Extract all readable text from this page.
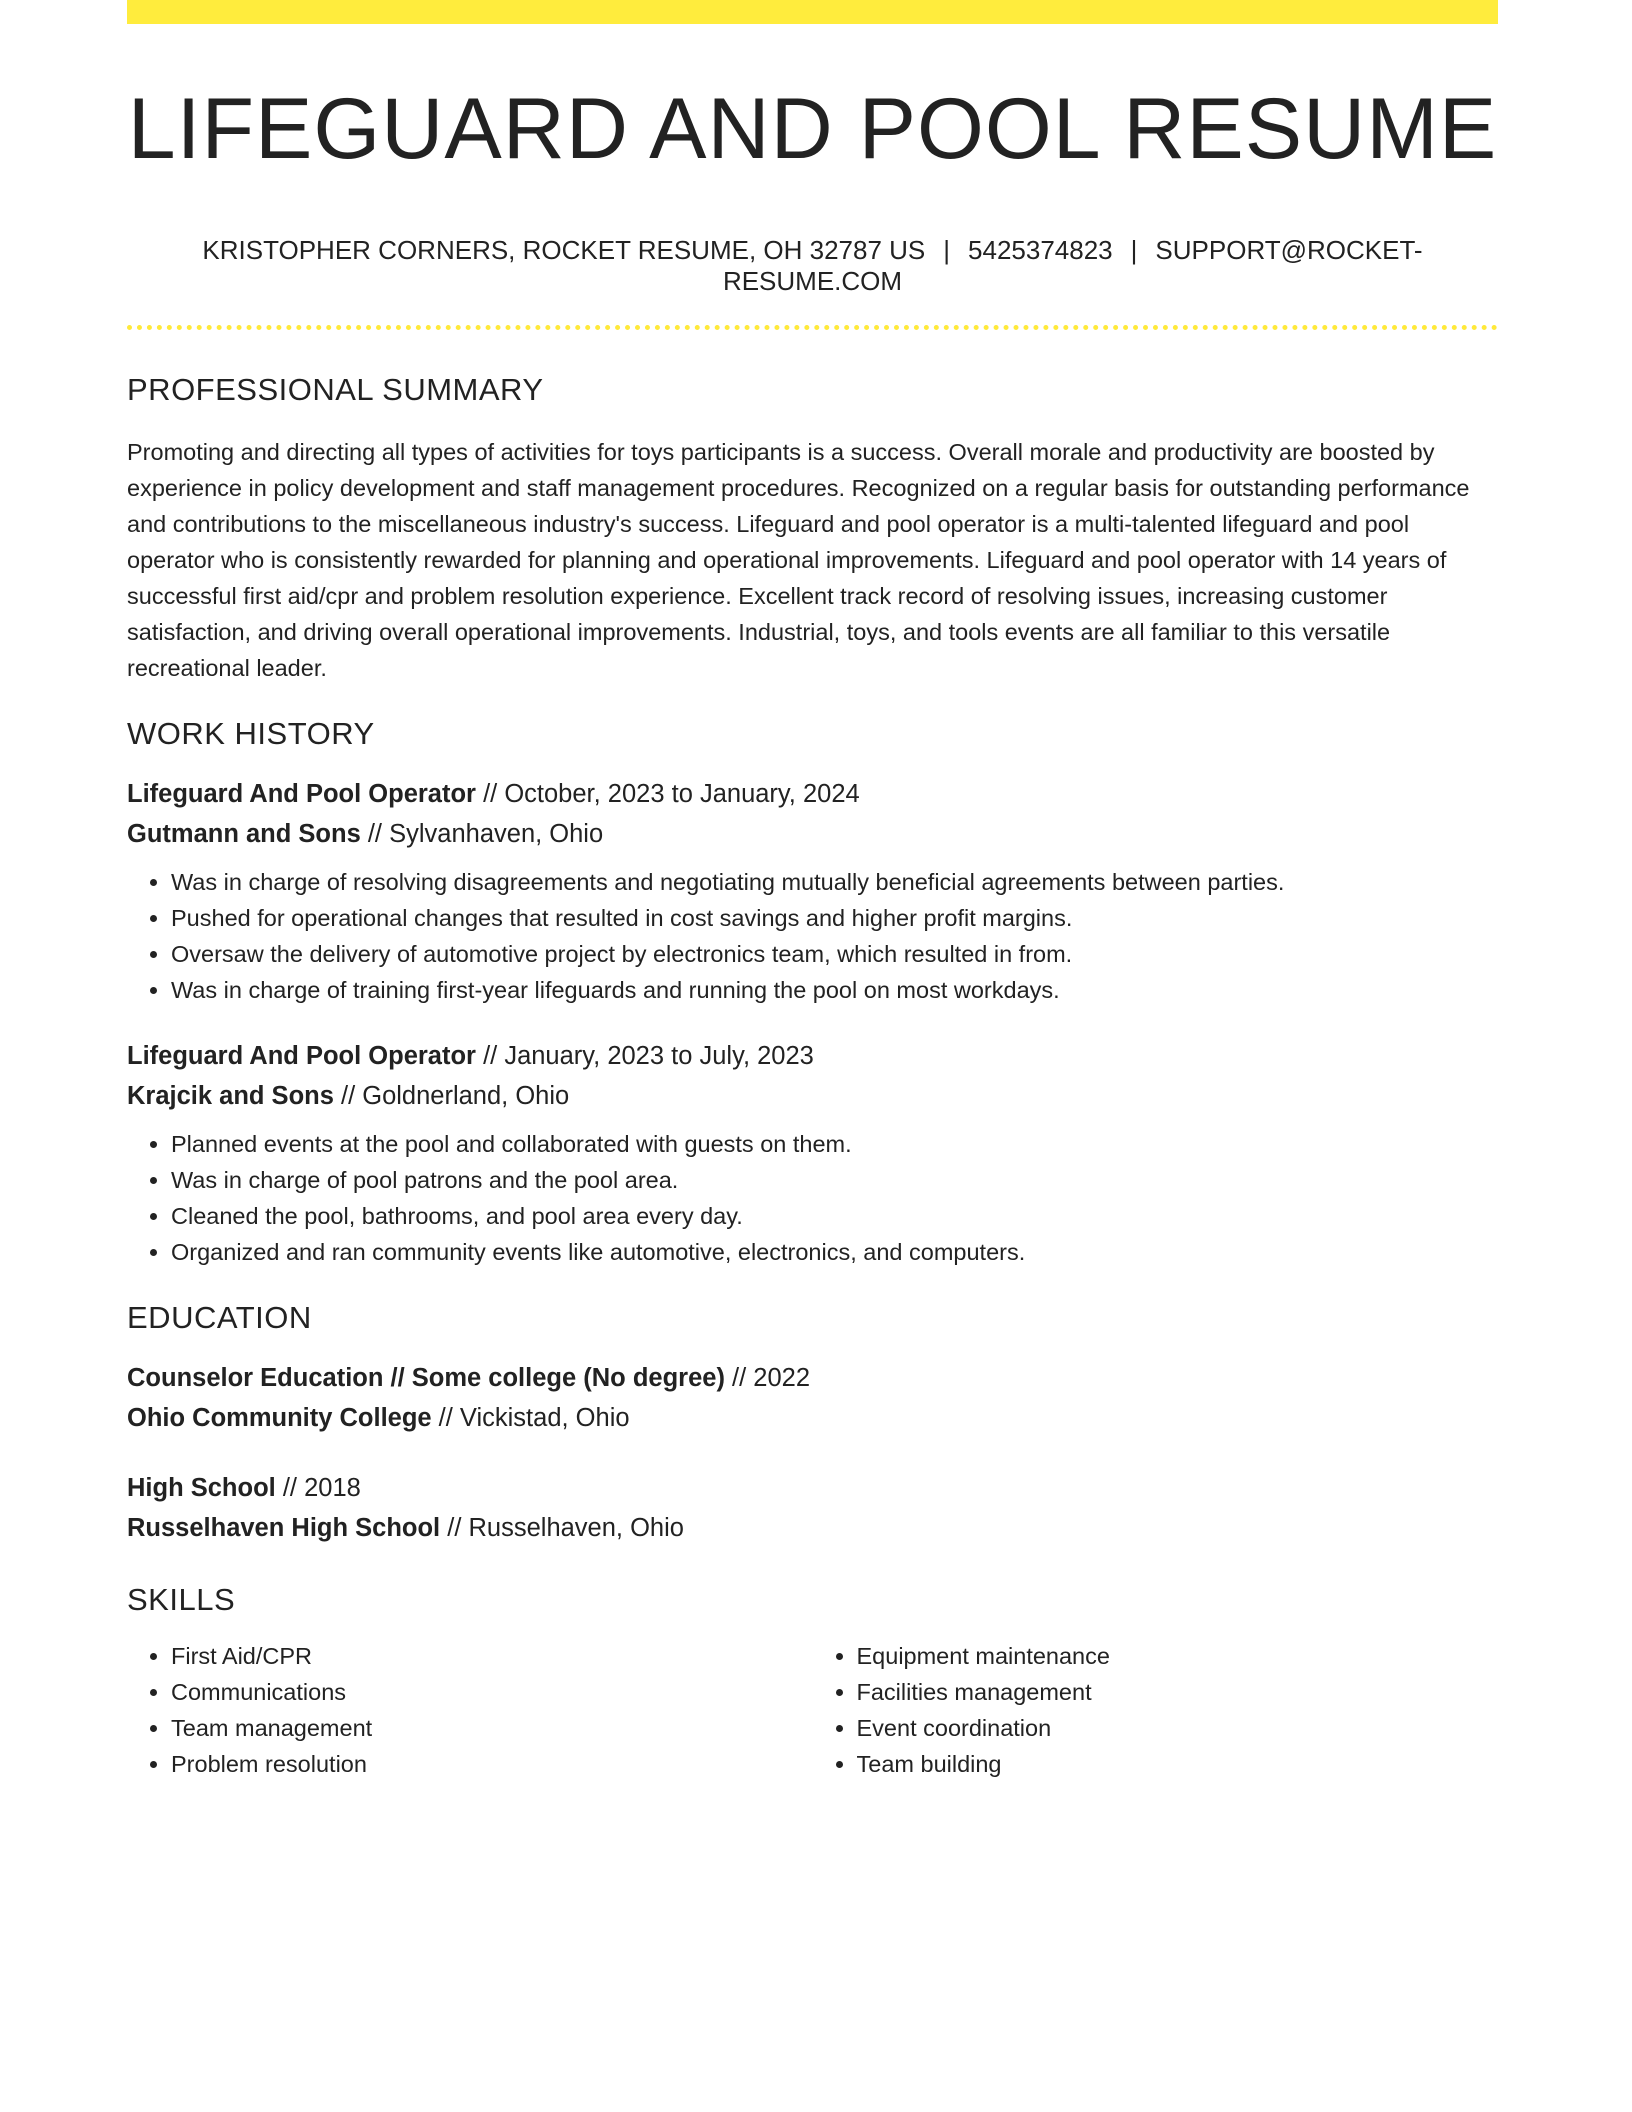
LIFEGUARD AND POOL RESUME
KRISTOPHER CORNERS, ROCKET RESUME, OH 32787 US | 5425374823 | SUPPORT@ROCKET-RESUME.COM
PROFESSIONAL SUMMARY

Promoting and directing all types of activities for toys participants is a success. Overall morale and productivity are boosted by experience in policy development and staff management procedures. Recognized on a regular basis for outstanding performance and contributions to the miscellaneous industry's success. Lifeguard and pool operator is a multi-talented lifeguard and pool operator who is consistently rewarded for planning and operational improvements. Lifeguard and pool operator with 14 years of successful first aid/cpr and problem resolution experience. Excellent track record of resolving issues, increasing customer satisfaction, and driving overall operational improvements. Industrial, toys, and tools events are all familiar to this versatile recreational leader.

WORK HISTORY
Lifeguard And Pool Operator // October, 2023 to January, 2024
Gutmann and Sons // Sylvanhaven, Ohio
• Was in charge of resolving disagreements and negotiating mutually beneficial agreements between parties.
• Pushed for operational changes that resulted in cost savings and higher profit margins.
• Oversaw the delivery of automotive project by electronics team, which resulted in from.
• Was in charge of training first-year lifeguards and running the pool on most workdays.
Lifeguard And Pool Operator // January, 2023 to July, 2023
Krajcik and Sons // Goldnerland, Ohio
• Planned events at the pool and collaborated with guests on them.
• Was in charge of pool patrons and the pool area.
• Cleaned the pool, bathrooms, and pool area every day.
• Organized and ran community events like automotive, electronics, and computers.
EDUCATION
Counselor Education // Some college (No degree) // 2022
Ohio Community College // Vickistad, Ohio
High School // 2018
Russelhaven High School // Russelhaven, Ohio
SKILLS
• First Aid/CPR
• Communications
• Team management
• Problem resolution
• Equipment maintenance
• Facilities management
• Event coordination
• Team building
